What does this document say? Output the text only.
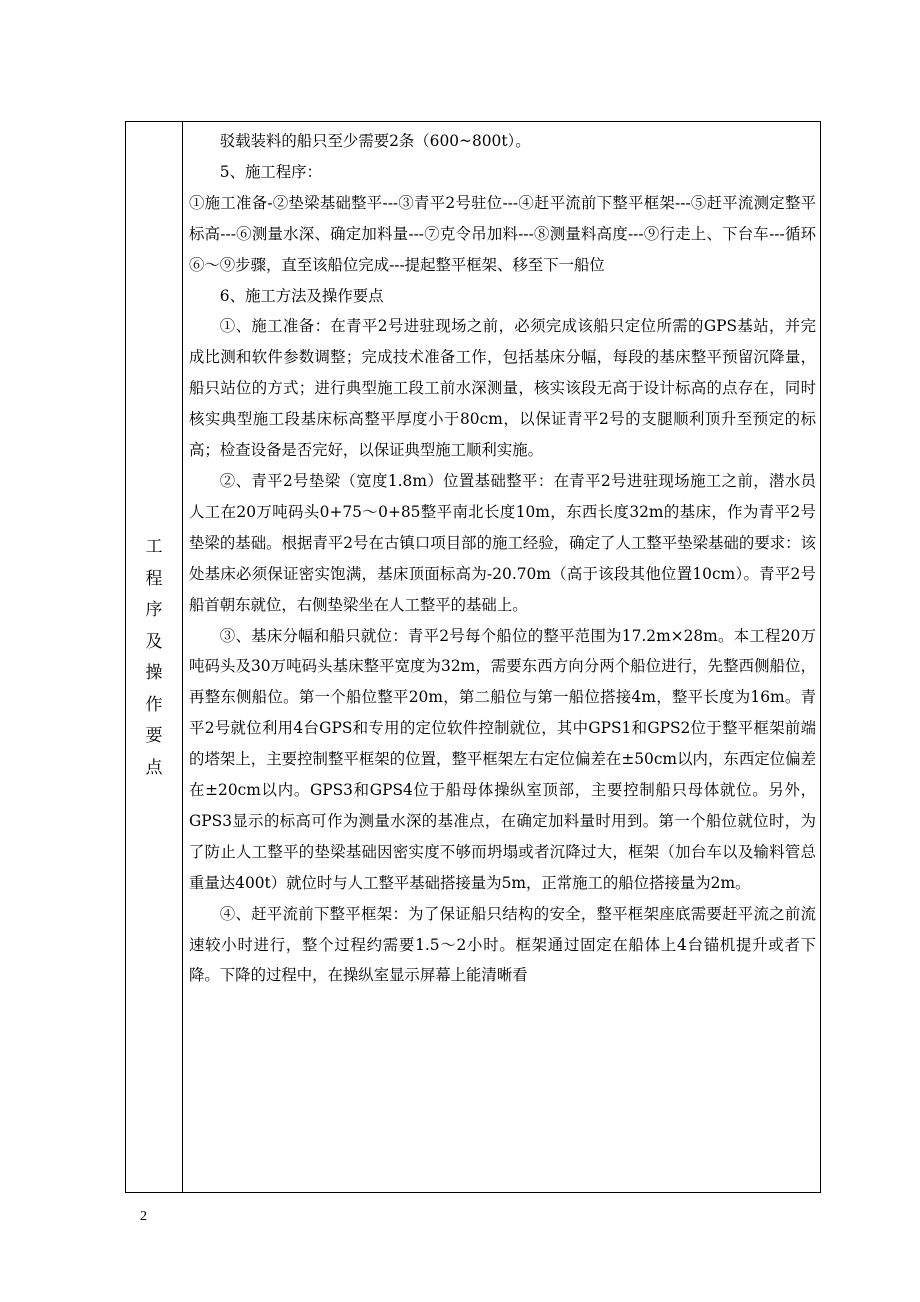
工
程
序
及
操
作
要
点

驳载装料的船只至少需要2条（600~800t）。

5、施工程序：

①施工准备-②垫梁基础整平---③青平2号驻位---④赶平流前下整平框架---⑤赶平流测定整平标高---⑥测量水深、确定加料量---⑦克令吊加料---⑧测量料高度---⑨行走上、下台车---循环⑥～⑨步骤，直至该船位完成---提起整平框架、移至下一船位

6、施工方法及操作要点

①、施工准备：在青平2号进驻现场之前，必须完成该船只定位所需的GPS基站，并完成比测和软件参数调整；完成技术准备工作，包括基床分幅，每段的基床整平预留沉降量，船只站位的方式；进行典型施工段工前水深测量，核实该段无高于设计标高的点存在，同时核实典型施工段基床标高整平厚度小于80cm，以保证青平2号的支腿顺利顶升至预定的标高；检查设备是否完好，以保证典型施工顺利实施。

②、青平2号垫梁（宽度1.8m）位置基础整平：在青平2号进驻现场施工之前，潜水员人工在20万吨码头0+75～0+85整平南北长度10m，东西长度32m的基床，作为青平2号垫梁的基础。根据青平2号在古镇口项目部的施工经验，确定了人工整平垫梁基础的要求：该处基床必须保证密实饱满，基床顶面标高为-20.70m（高于该段其他位置10cm）。青平2号船首朝东就位，右侧垫梁坐在人工整平的基础上。

③、基床分幅和船只就位：青平2号每个船位的整平范围为17.2m×28m。本工程20万吨码头及30万吨码头基床整平宽度为32m，需要东西方向分两个船位进行，先整西侧船位，再整东侧船位。第一个船位整平20m，第二船位与第一船位搭接4m，整平长度为16m。青平2号就位利用4台GPS和专用的定位软件控制就位，其中GPS1和GPS2位于整平框架前端的塔架上，主要控制整平框架的位置，整平框架左右定位偏差在±50cm以内，东西定位偏差在±20cm以内。GPS3和GPS4位于船母体操纵室顶部，主要控制船只母体就位。另外，GPS3显示的标高可作为测量水深的基准点，在确定加料量时用到。第一个船位就位时，为了防止人工整平的垫梁基础因密实度不够而坍塌或者沉降过大，框架（加台车以及输料管总重量达400t）就位时与人工整平基础搭接量为5m，正常施工的船位搭接量为2m。

④、赶平流前下整平框架：为了保证船只结构的安全，整平框架座底需要赶平流之前流速较小时进行，整个过程约需要1.5～2小时。框架通过固定在船体上4台锚机提升或者下降。下降的过程中，在操纵室显示屏幕上能清晰看

2
